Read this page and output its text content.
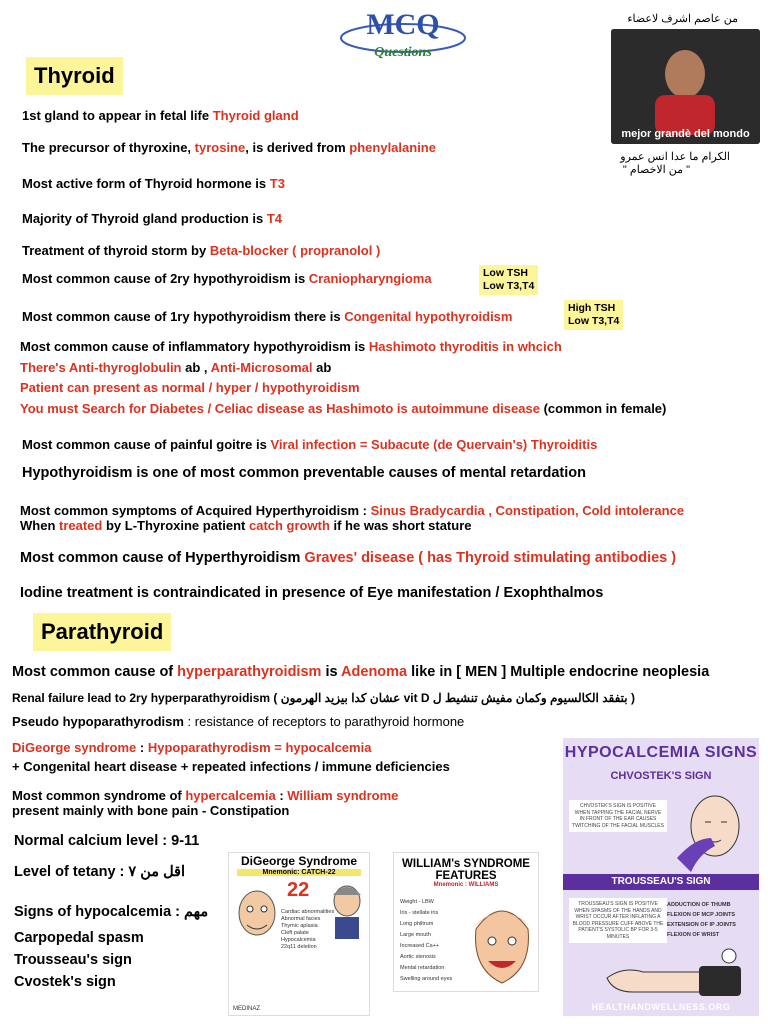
MCQ
Questions
من عاصم اشرف لاعضاء
mejor grandè del mondo
الكرام ما عدا انس عمرو
" من الاخصام "
Thyroid
1st gland to appear in fetal life Thyroid gland
The precursor of thyroxine, tyrosine, is derived from phenylalanine
Most active form of Thyroid hormone is T3
Majority of Thyroid gland production is T4
Treatment of thyroid storm by Beta-blocker ( propranolol )
Most common cause of 2ry hypothyroidism is Craniopharyngioma	Low TSH
Low T3,T4
Most common cause of 1ry hypothyroidism there is Congenital hypothyroidism
High TSH
Low T3,T4
Most common cause of inflammatory hypothyroidism is Hashimoto thyroditis in whcich
There's Anti-thyroglobulin ab , Anti-Microsomal ab
Patient can present as normal / hyper / hypothyroidism
You must Search for Diabetes / Celiac disease as Hashimoto is autoimmune disease (common in female)
Most common cause of painful goitre is Viral infection = Subacute (de Quervain's) Thyroiditis
Hypothyroidism is one of most common preventable causes of mental retardation
Most common symptoms of Acquired Hyperthyroidism : Sinus Bradycardia , Constipation, Cold intolerance
When treated by L-Thyroxine patient catch growth if he was short stature
Most common cause of Hyperthyroidism Graves' disease ( has Thyroid stimulating antibodies )
Iodine treatment is contraindicated in presence of Eye manifestation / Exophthalmos
Parathyroid
Most common cause of hyperparathyroidism is Adenoma like in [ MEN ] Multiple endocrine neoplesia
Renal failure lead to 2ry hyperparathyroidism ( بتفقد الكالسيوم وكمان مفيش تنشيط ل vit D عشان كدا بيزيد الهرمون )
Pseudo hypoparathyrodism : resistance of receptors to parathyroid hormone
DiGeorge syndrome : Hypoparathyrodism = hypocalcemia
+ Congenital heart disease + repeated infections / immune deficiencies
Most common syndrome of hypercalcemia : William syndrome
present mainly with bone pain - Constipation
Normal calcium level : 9-11
Level of tetany : اقل من ٧
Signs of hypocalcemia : مهم
Carpopedal spasm
Trousseau's sign
Cvostek's sign
DiGeorge Syndrome
Mnemonic: CATCH-22
22
Cardiac abnormalities
Abnormal facies
Thymic aplasia
Cleft palate
Hypocalcemia
22q11 deletion
MEDINAZ
WILLIAM's SYNDROME
FEATURES
Mnemonic : WILLIAMS
Weight - LBW
Iris - stellate iris
Long philtrum
Large mouth
Increased Ca++
Aortic stenosis
Mental retardation
Swelling around eyes
HYPOCALCEMIA SIGNS
CHVOSTEK'S SIGN
CHVOSTEK'S SIGN IS POSITIVE WHEN TAPPING THE FACIAL NERVE IN FRONT OF THE EAR CAUSES TWITCHING OF THE FACIAL MUSCLES
TROUSSEAU'S SIGN
TROUSSEAU'S SIGN IS POSITIVE WHEN SPASMS OF THE HANDS AND WRIST OCCUR AFTER INFLATING A BLOOD PRESSURE CUFF ABOVE THE PATIENT'S SYSTOLIC BP FOR 3-5 MINUTES
ADDUCTION OF THUMB
FLEXION OF MCP JOINTS
EXTENSION OF IP JOINTS
FLEXION OF WRIST
HEALTHANDWELLNESS.ORG
